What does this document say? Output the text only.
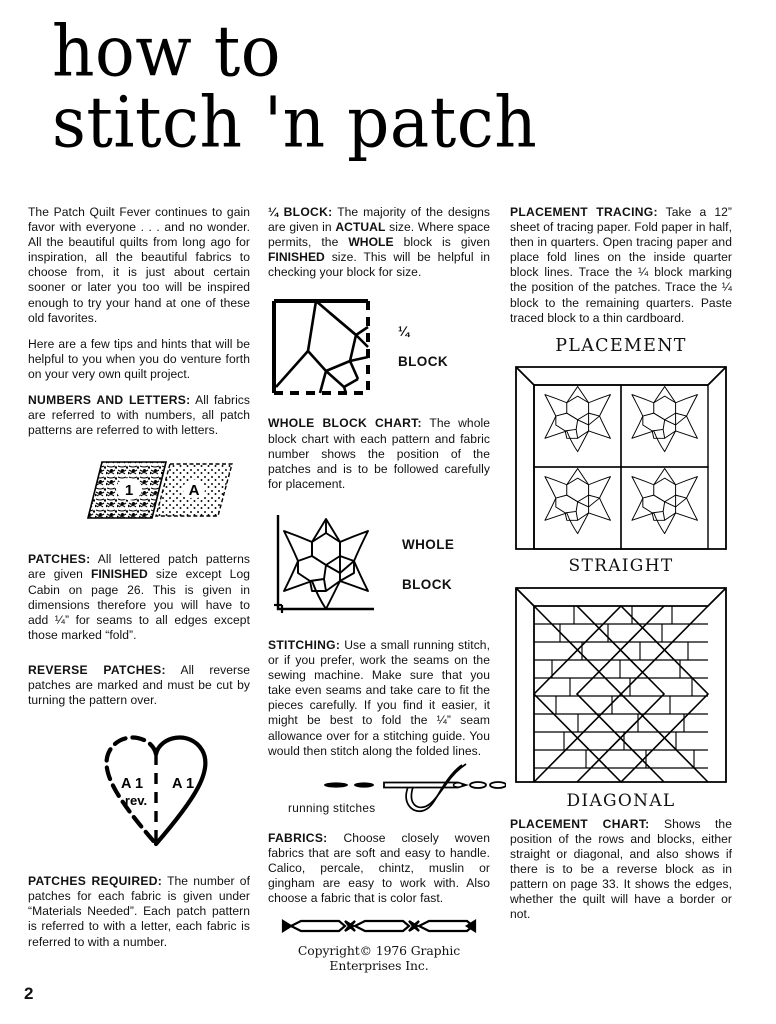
how to
stitch 'n patch

The Patch Quilt Fever continues to gain favor with everyone . . . and no wonder. All the beautiful quilts from long ago for inspiration, all the beautiful fabrics to choose from, it is just about certain sooner or later you too will be inspired enough to try your hand at one of these old favorites.

Here are a few tips and hints that will be helpful to you when you do venture forth on your very own quilt project.

NUMBERS AND LETTERS: All fabrics are referred to with numbers, all patch patterns are referred to with letters.

1	A

PATCHES: All lettered patch patterns are given FINISHED size except Log Cabin on page 26. This is given in dimensions therefore you will have to add ¼” for seams to all edges except those marked “fold”.

REVERSE PATCHES: All reverse patches are marked and must be cut by turning the pattern over.

A 1
rev.
A 1

PATCHES REQUIRED: The number of patches for each fabric is given under “Materials Needed”. Each patch pattern is referred to with a letter, each fabric is referred to with a number.

¼ BLOCK: The majority of the designs are given in ACTUAL size. Where space permits, the WHOLE block is given FINISHED size. This will be helpful in checking your block for size.

¼
BLOCK

WHOLE BLOCK CHART: The whole block chart with each pattern and fabric number shows the position of the patches and is to be followed carefully for placement.

WHOLE
BLOCK

STITCHING: Use a small running stitch, or if you prefer, work the seams on the sewing machine. Make sure that you take even seams and take care to fit the pieces carefully. If you find it easier, it might be best to fold the ¼” seam allowance over for a stitching guide. You would then stitch along the folded lines.

running stitches

FABRICS: Choose closely woven fabrics that are soft and easy to handle. Calico, percale, chintz, muslin or gingham are easy to work with. Also choose a fabric that is color fast.

Copyright© 1976 Graphic Enterprises Inc.

PLACEMENT TRACING: Take a 12” sheet of tracing paper. Fold paper in half, then in quarters. Open tracing paper and place fold lines on the inside quarter block lines. Trace the ¼ block marking the position of the patches. Trace the ¼ block to the remaining quarters. Paste traced block to a thin cardboard.

PLACEMENT
STRAIGHT
DIAGONAL

PLACEMENT CHART: Shows the position of the rows and blocks, either straight or diagonal, and also shows if there is to be a reverse block as in pattern on page 33. It shows the edges, whether the quilt will have a border or not.

2
